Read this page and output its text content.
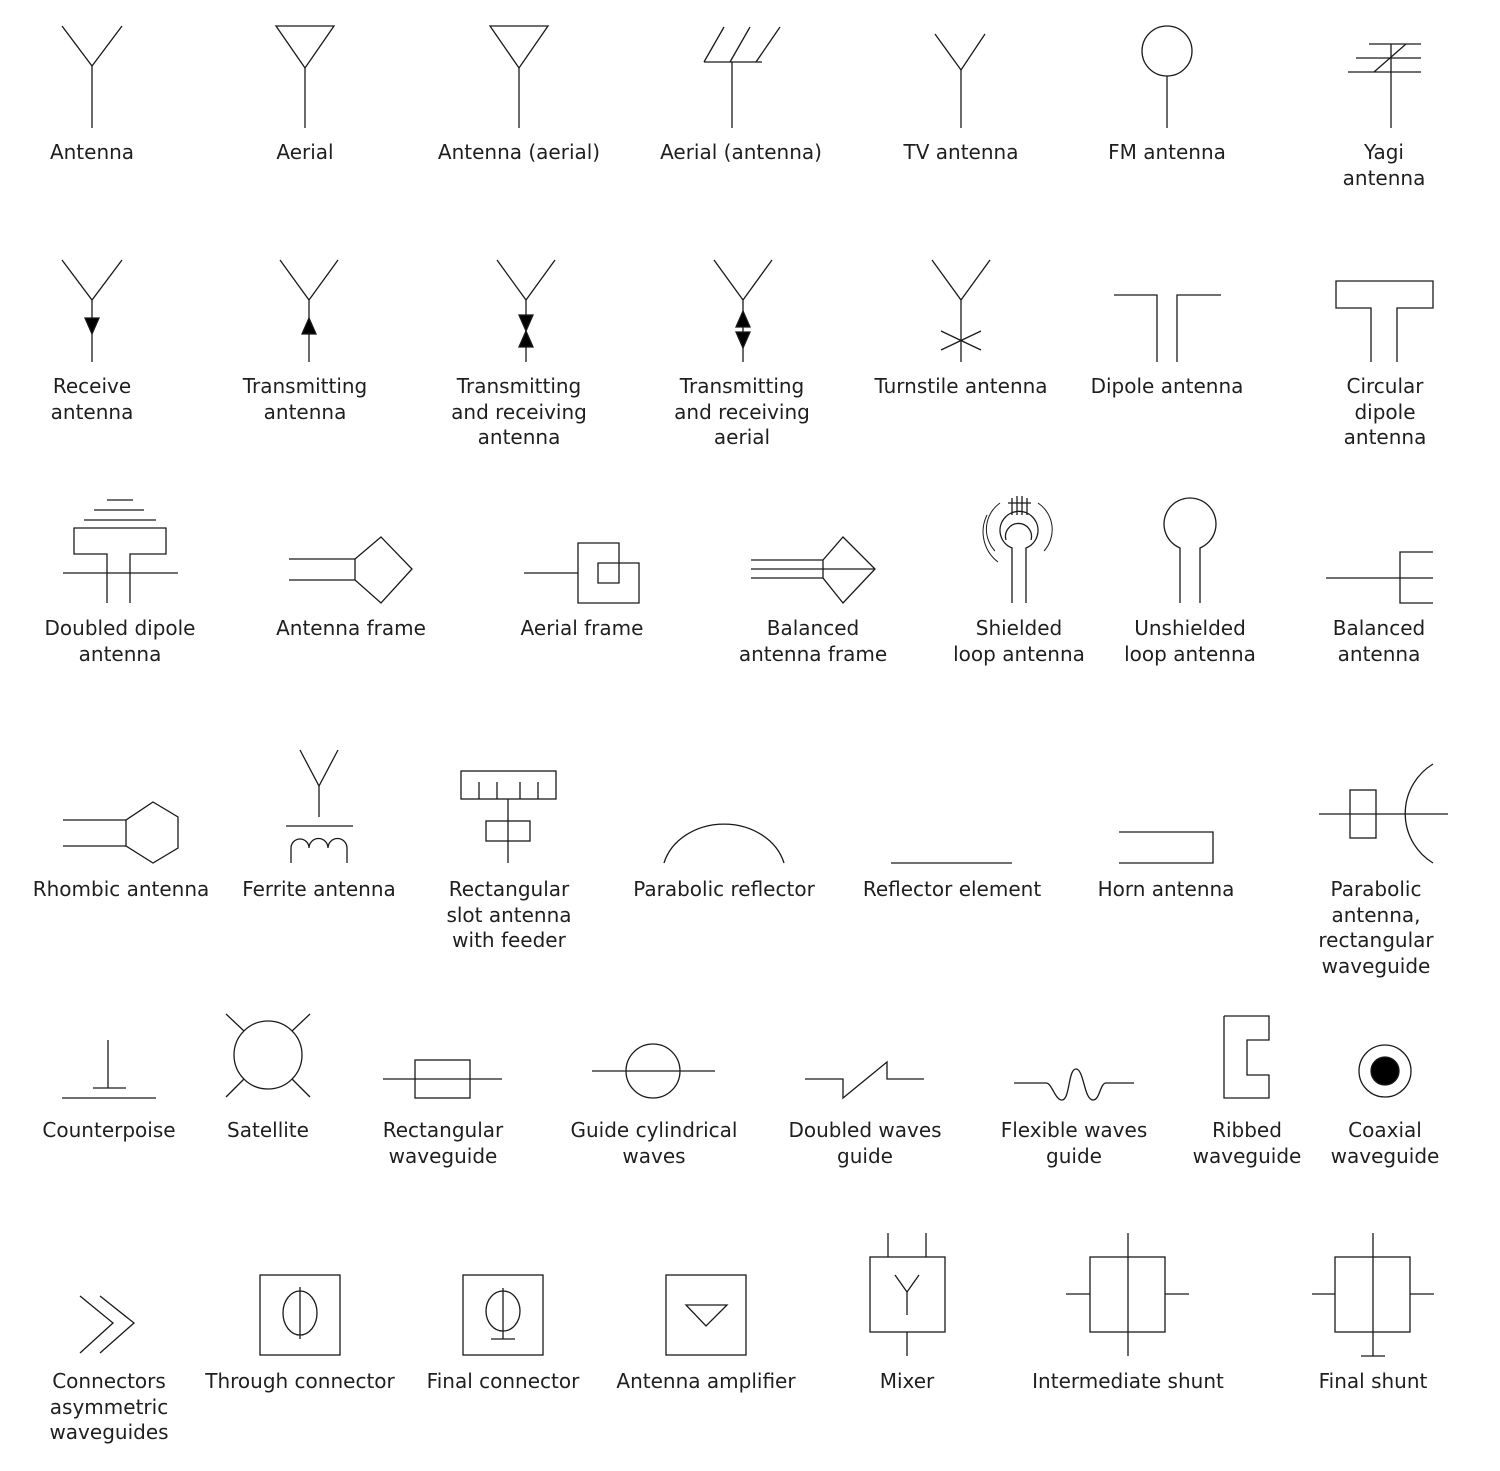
Antenna	Aerial	Antenna (aerial)	Aerial (antenna)	TV antenna	FM antenna	Yagi antenna
Receive
antenna
Transmitting
antenna
Transmitting
and receiving
antenna
Transmitting
and receiving
aerial
Turnstile antenna Dipole antenna	Circular dipole
antenna
Doubled dipole
antenna
Antenna frame	Aerial frame	Balanced
antenna frame
Shielded
loop antenna
Unshielded
loop antenna
Balanced
antenna
Rhombic antenna Ferrite antenna	Rectangular
slot antenna
with feeder
Parabolic reflector Reflector element	Horn antenna	Parabolic antenna,
rectangular
waveguide
Counterpoise	Satellite	Rectangular
waveguide
Guide cylindrical
waves
Doubled waves
guide
Flexible waves
guide
Ribbed
waveguide
Coaxial
waveguide
Connectors
asymmetric
waveguides
Through connector Final connector Antenna amplifier	Mixer	Intermediate shunt	Final shunt
